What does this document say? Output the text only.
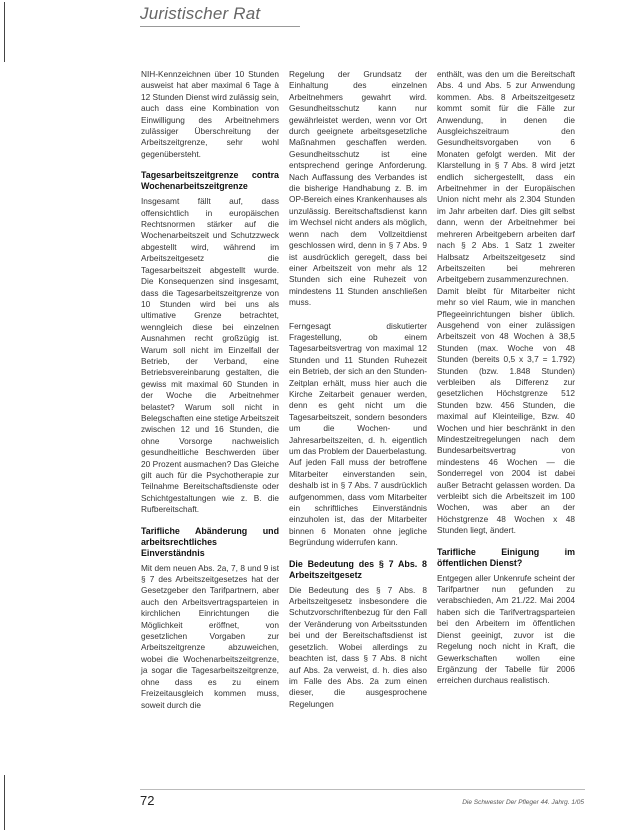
Juristischer Rat

NIH-Kennzeichnen über 10 Stunden ausweist hat aber maximal 6 Tage à 12 Stunden Dienst wird zulässig sein, auch dass eine Kombination von Einwilligung des Arbeitnehmers zulässiger Überschreitung der Arbeitszeitgrenze, sehr wohl gegenübersteht.

Tagesarbeitszeitgrenze contra Wochenarbeitszeitgrenze

Insgesamt fällt auf, dass offensichtlich in europäischen Rechtsnormen stärker auf die Wochenarbeitszeit und Schutzzweck abgestellt wird, während im Arbeitszeitgesetz die Tagesarbeitszeit abgestellt wurde. Die Konsequenzen sind insgesamt, dass die Tagesarbeitszeitgrenze von 10 Stunden wird bei uns als ultimative Grenze betrachtet, wenngleich diese bei einzelnen Ausnahmen recht großzügig ist. Warum soll nicht im Einzelfall der Betrieb, der Verband, eine Betriebsvereinbarung gestalten, die gewiss mit maximal 60 Stunden in der Woche die Arbeitnehmer belastet? Warum soll nicht in Belegschaften eine stetige Arbeitszeit zwischen 12 und 16 Stunden, die ohne Vorsorge nachweislich gesundheitliche Beschwerden über 20 Prozent ausmachen? Das Gleiche gilt auch für die Psychotherapie zur Teilnahme Bereitschaftsdienste oder Schichtgestaltungen wie z. B. die Rufbereitschaft.

Tarifliche Abänderung und arbeitsrechtliches Einverständnis

Mit dem neuen Abs. 2a, 7, 8 und 9 ist § 7 des Arbeitszeitgesetzes hat der Gesetzgeber den Tarifpartnern, aber auch den Arbeitsvertragsparteien in kirchlichen Einrichtungen die Möglichkeit eröffnet, von gesetzlichen Vorgaben zur Arbeitszeitgrenze abzuweichen, wobei die Wochenarbeitszeitgrenze, ja sogar die Tagesarbeitszeitgrenze, ohne dass es zu einem Freizeitausgleich kommen muss, soweit durch die

Regelung der Grundsatz der Einhaltung des einzelnen Arbeitnehmers gewahrt wird. Gesundheitsschutz kann nur gewährleistet werden, wenn vor Ort durch geeignete arbeitsgesetzliche Maßnahmen geschaffen werden. Gesundheitsschutz ist eine entsprechend geringe Anforderung. Nach Auffassung des Verbandes ist die bisherige Handhabung z. B. im OP-Bereich eines Krankenhauses als unzulässig. Bereitschaftsdienst kann im Wechsel nicht anders als möglich, wenn nach dem Vollzeitdienst geschlossen wird, denn in § 7 Abs. 9 ist ausdrücklich geregelt, dass bei einer Arbeitszeit von mehr als 12 Stunden sich eine Ruhezeit von mindestens 11 Stunden anschließen muss.

Ferngesagt diskutierter Fragestellung, ob einem Tagesarbeitsvertrag von maximal 12 Stunden und 11 Stunden Ruhezeit ein Betrieb, der sich an den Stunden-Zeitplan erhält, muss hier auch die Kirche Zeitarbeit genauer werden, denn es geht nicht um die Tagesarbeitszeit, sondern besonders um die Wochen- und Jahresarbeitszeiten, d. h. eigentlich um das Problem der Dauerbelastung. Auf jeden Fall muss der betroffene Mitarbeiter einverstanden sein, deshalb ist in § 7 Abs. 7 ausdrücklich aufgenommen, dass vom Mitarbeiter ein schriftliches Einverständnis einzuholen ist, das der Mitarbeiter binnen 6 Monaten ohne jegliche Begründung widerrufen kann.

Die Bedeutung des § 7 Abs. 8 Arbeitszeitgesetz

Die Bedeutung des § 7 Abs. 8 Arbeitszeitgesetz insbesondere die Schutzvorschriftenbezug für den Fall der Veränderung von Arbeitsstunden bei und der Bereitschaftsdienst ist gesetzlich. Wobei allerdings zu beachten ist, dass § 7 Abs. 8 nicht auf Abs. 2a verweist, d. h. dies also im Falle des Abs. 2a zum einen dieser, die ausgesprochene Regelungen

enthält, was den um die Bereitschaft Abs. 4 und Abs. 5 zur Anwendung kommen. Abs. 8 Arbeitszeitgesetz kommt somit für die Fälle zur Anwendung, in denen die Ausgleichszeitraum den Gesundheitsvorgaben von 6 Monaten gefolgt werden. Mit der Klarstellung in § 7 Abs. 8 wird jetzt endlich sichergestellt, dass ein Arbeitnehmer in der Europäischen Union nicht mehr als 2.304 Stunden im Jahr arbeiten darf. Dies gilt selbst dann, wenn der Arbeitnehmer bei mehreren Arbeitgebern arbeiten darf nach § 2 Abs. 1 Satz 1 zweiter Halbsatz Arbeitszeitgesetz sind Arbeitszeiten bei mehreren Arbeitgebern zusammenzurechnen.

Damit bleibt für Mitarbeiter nicht mehr so viel Raum, wie in manchen Pflegeeinrichtungen bisher üblich. Ausgehend von einer zulässigen Arbeitszeit von 48 Wochen à 38,5 Stunden (max. Woche von 48 Stunden (bereits 0,5 x 3,7 = 1.792) Stunden (bzw. 1.848 Stunden) verbleiben als Differenz zur gesetzlichen Höchstgrenze 512 Stunden bzw. 456 Stunden, die maximal auf Kleinteilige, Bzw. 40 Wochen und hier beschränkt in den Mindestzeitregelungen nach dem Bundesarbeitsvertrag von mindestens 46 Wochen — die Sonderregel von 2004 ist dabei außer Betracht gelassen worden. Da verbleibt sich die Arbeitszeit im 100 Wochen, was aber an der Höchstgrenze 48 Wochen x 48 Stunden liegt, ändert.

Tarifliche Einigung im öffentlichen Dienst?

Entgegen aller Unkenrufe scheint der Tarifpartner nun gefunden zu verabschieden, Am 21./22. Mai 2004 haben sich die Tarifvertragsparteien bei den Arbeitern im öffentlichen Dienst geeinigt, zuvor ist die Regelung noch nicht in Kraft, die Gewerkschaften wollen eine Ergänzung der Tabelle für 2006 erreichen durchaus realistisch.

72	Die Schwester Der Pfleger 44. Jahrg. 1/05
